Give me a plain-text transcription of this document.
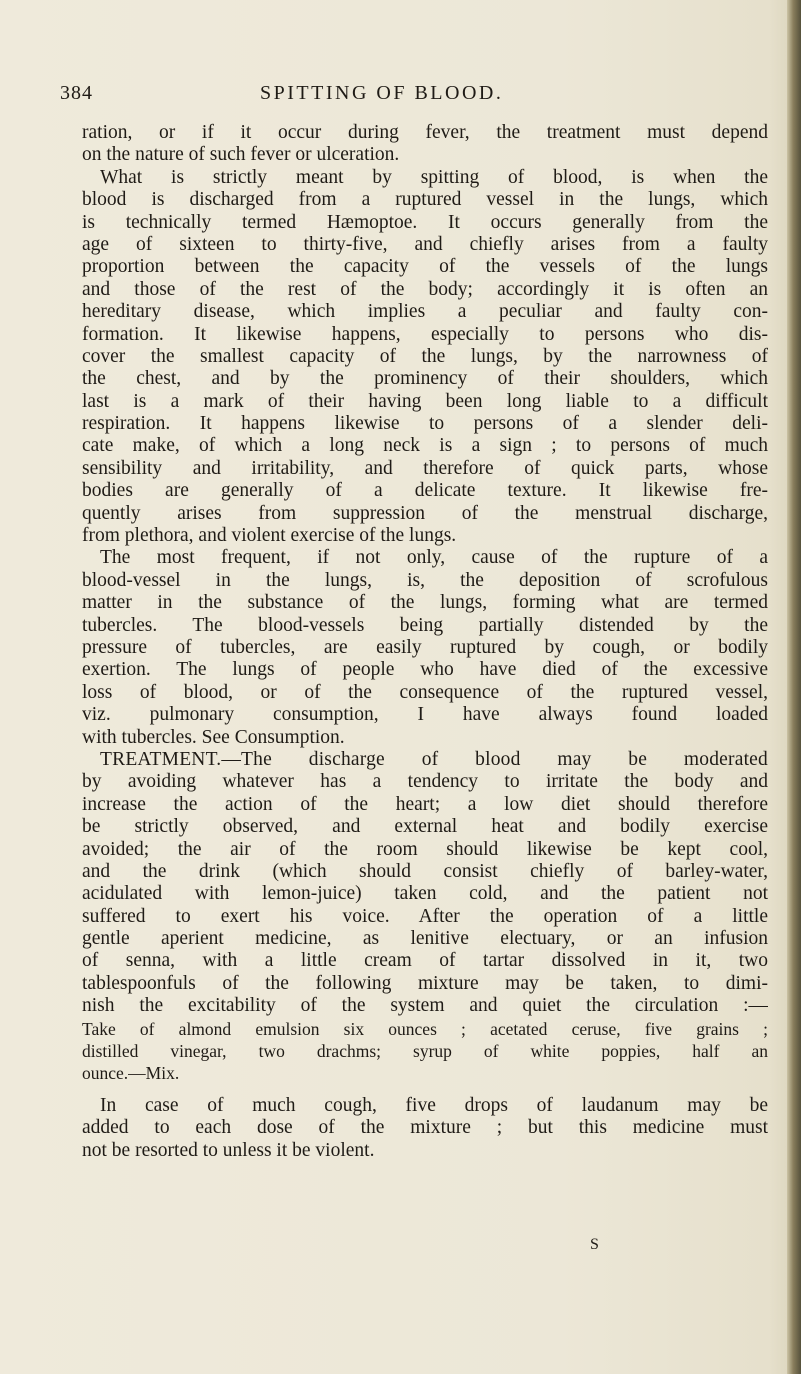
384	SPITTING OF BLOOD.
ration, or if it occur during fever, the treatment must depend
on the nature of such fever or ulceration.
What is strictly meant by spitting of blood, is when the
blood is discharged from a ruptured vessel in the lungs, which
is technically termed Hæmoptoe. It occurs generally from the
age of sixteen to thirty-five, and chiefly arises from a faulty
proportion between the capacity of the vessels of the lungs
and those of the rest of the body; accordingly it is often an
hereditary disease, which implies a peculiar and faulty con-
formation. It likewise happens, especially to persons who dis-
cover the smallest capacity of the lungs, by the narrowness of
the chest, and by the prominency of their shoulders, which
last is a mark of their having been long liable to a difficult
respiration. It happens likewise to persons of a slender deli-
cate make, of which a long neck is a sign ; to persons of much
sensibility and irritability, and therefore of quick parts, whose
bodies are generally of a delicate texture. It likewise fre-
quently arises from suppression of the menstrual discharge,
from plethora, and violent exercise of the lungs.
The most frequent, if not only, cause of the rupture of a
blood-vessel in the lungs, is, the deposition of scrofulous
matter in the substance of the lungs, forming what are termed
tubercles. The blood-vessels being partially distended by the
pressure of tubercles, are easily ruptured by cough, or bodily
exertion. The lungs of people who have died of the excessive
loss of blood, or of the consequence of the ruptured vessel,
viz. pulmonary consumption, I have always found loaded
with tubercles. See Consumption.
TREATMENT.—The discharge of blood may be moderated
by avoiding whatever has a tendency to irritate the body and
increase the action of the heart; a low diet should therefore
be strictly observed, and external heat and bodily exercise
avoided; the air of the room should likewise be kept cool,
and the drink (which should consist chiefly of barley-water,
acidulated with lemon-juice) taken cold, and the patient not
suffered to exert his voice. After the operation of a little
gentle aperient medicine, as lenitive electuary, or an infusion
of senna, with a little cream of tartar dissolved in it, two
tablespoonfuls of the following mixture may be taken, to dimi-
nish the excitability of the system and quiet the circulation :—
Take of almond emulsion six ounces ; acetated ceruse, five grains ;
distilled vinegar, two drachms; syrup of white poppies, half an
ounce.—Mix.
In case of much cough, five drops of laudanum may be
added to each dose of the mixture ; but this medicine must
not be resorted to unless it be violent.
S
